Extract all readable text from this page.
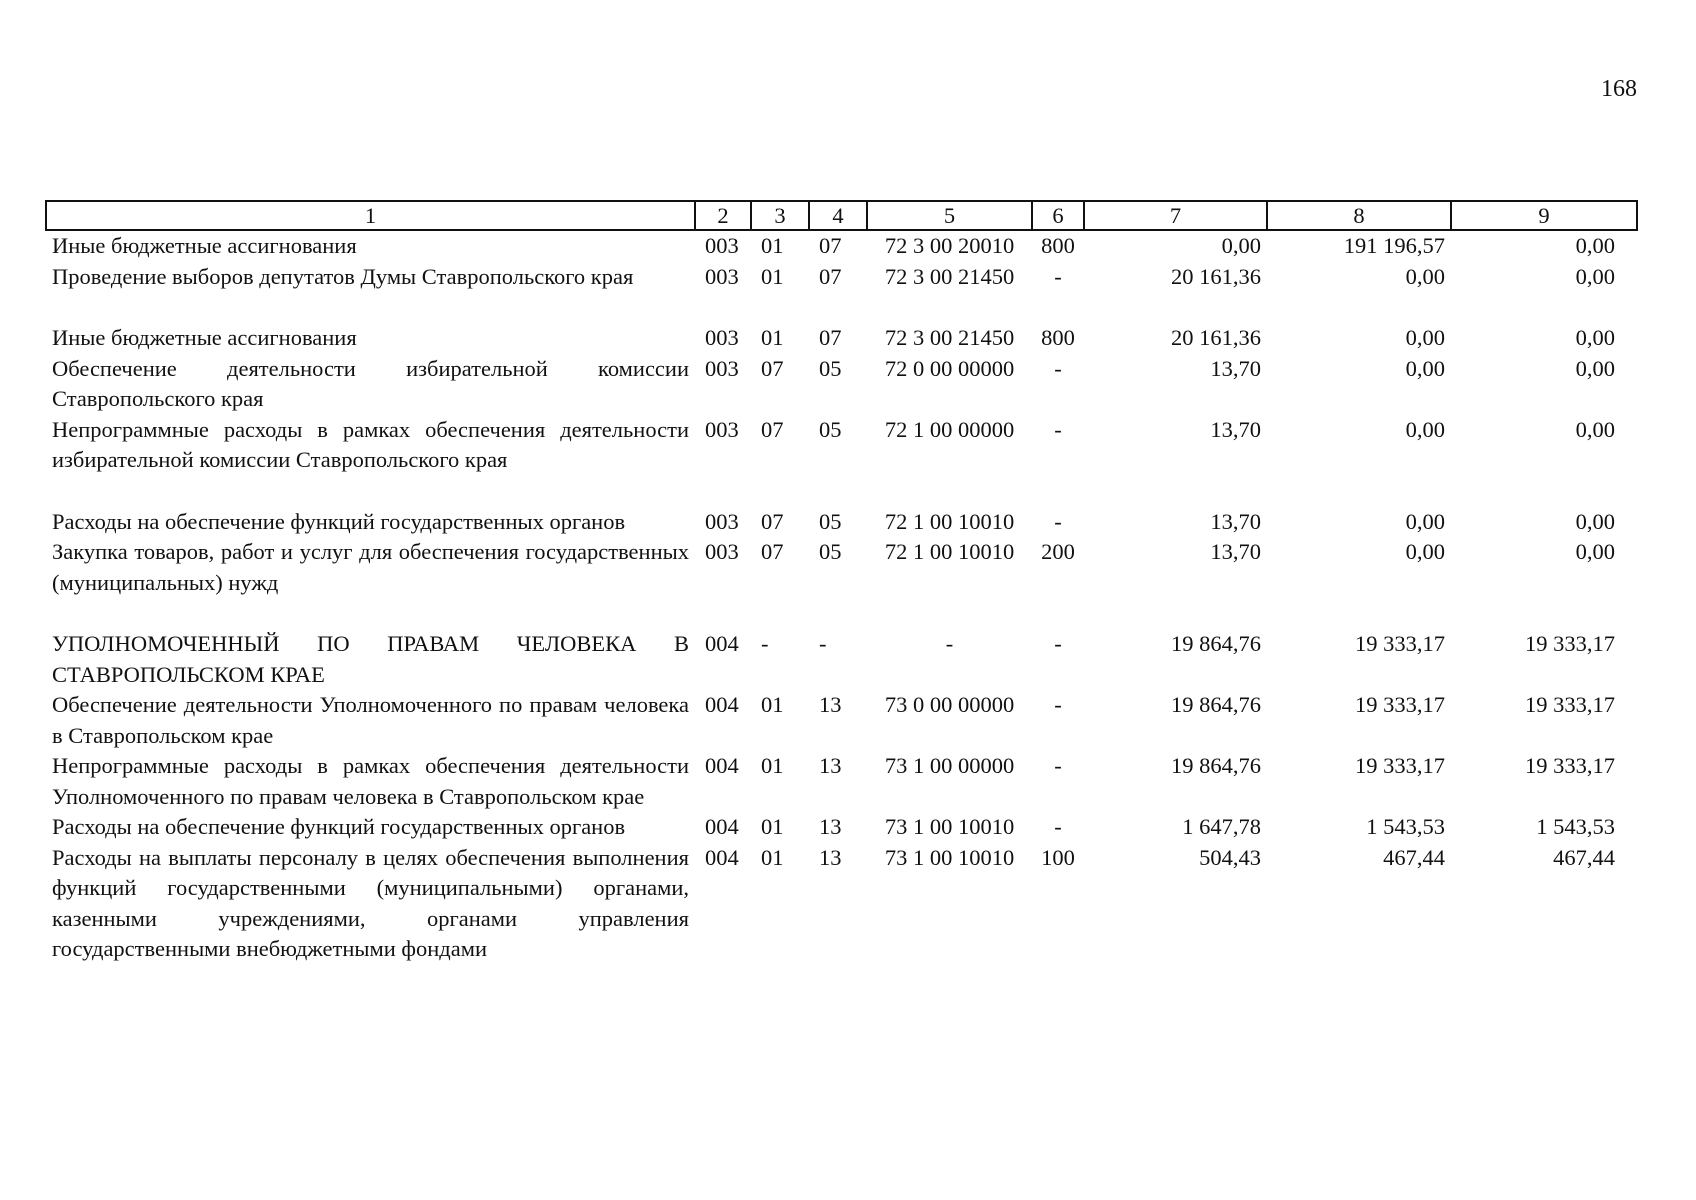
168
1	2	3	4	5	6	7	8	9
Иные бюджетные ассигнования	003	01	07	72 3 00 20010	800	0,00	191 196,57	0,00
Проведение выборов депутатов Думы Ставропольского края	003	01	07	72 3 00 21450	-	20 161,36	0,00	0,00
Иные бюджетные ассигнования	003	01	07	72 3 00 21450	800	20 161,36	0,00	0,00
Обеспечение деятельности избирательной комиссии Ставропольского края	003	07	05	72 0 00 00000	-	13,70	0,00	0,00
Непрограммные расходы в рамках обеспечения деятельности избирательной комиссии Ставропольского края	003	07	05	72 1 00 00000	-	13,70	0,00	0,00
Расходы на обеспечение функций государственных органов	003	07	05	72 1 00 10010	-	13,70	0,00	0,00
Закупка товаров, работ и услуг для обеспечения государственных (муниципальных) нужд	003	07	05	72 1 00 10010	200	13,70	0,00	0,00
УПОЛНОМОЧЕННЫЙ ПО ПРАВАМ ЧЕЛОВЕКА В СТАВРОПОЛЬСКОМ КРАЕ	004	-	-	-	-	19 864,76	19 333,17	19 333,17
Обеспечение деятельности Уполномоченного по правам человека в Ставропольском крае	004	01	13	73 0 00 00000	-	19 864,76	19 333,17	19 333,17
Непрограммные расходы в рамках обеспечения деятельности Уполномоченного по правам человека в Ставропольском крае	004	01	13	73 1 00 00000	-	19 864,76	19 333,17	19 333,17
Расходы на обеспечение функций государственных органов	004	01	13	73 1 00 10010	-	1 647,78	1 543,53	1 543,53
Расходы на выплаты персоналу в целях обеспечения выполнения функций государственными (муниципальными) органами, казенными учреждениями, органами управления государственными внебюджетными фондами	004	01	13	73 1 00 10010	100	504,43	467,44	467,44
